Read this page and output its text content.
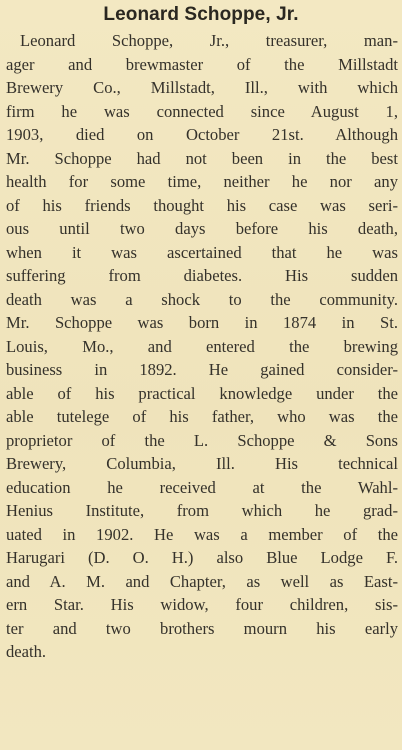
Leonard Schoppe, Jr.
Leonard Schoppe, Jr., treasurer, man-
ager and brewmaster of the Millstadt
Brewery Co., Millstadt, Ill., with which
firm he was connected since August 1,
1903, died on October 21st. Although
Mr. Schoppe had not been in the best
health for some time, neither he nor any
of his friends thought his case was seri-
ous until two days before his death,
when it was ascertained that he was
suffering from diabetes. His sudden
death was a shock to the community.
Mr. Schoppe was born in 1874 in St.
Louis, Mo., and entered the brewing
business in 1892. He gained consider-
able of his practical knowledge under the
able tutelege of his father, who was the
proprietor of the L. Schoppe & Sons
Brewery, Columbia, Ill. His technical
education he received at the Wahl-
Henius Institute, from which he grad-
uated in 1902. He was a member of the
Harugari (D. O. H.) also Blue Lodge F.
and A. M. and Chapter, as well as East-
ern Star. His widow, four children, sis-
ter and two brothers mourn his early
death.
